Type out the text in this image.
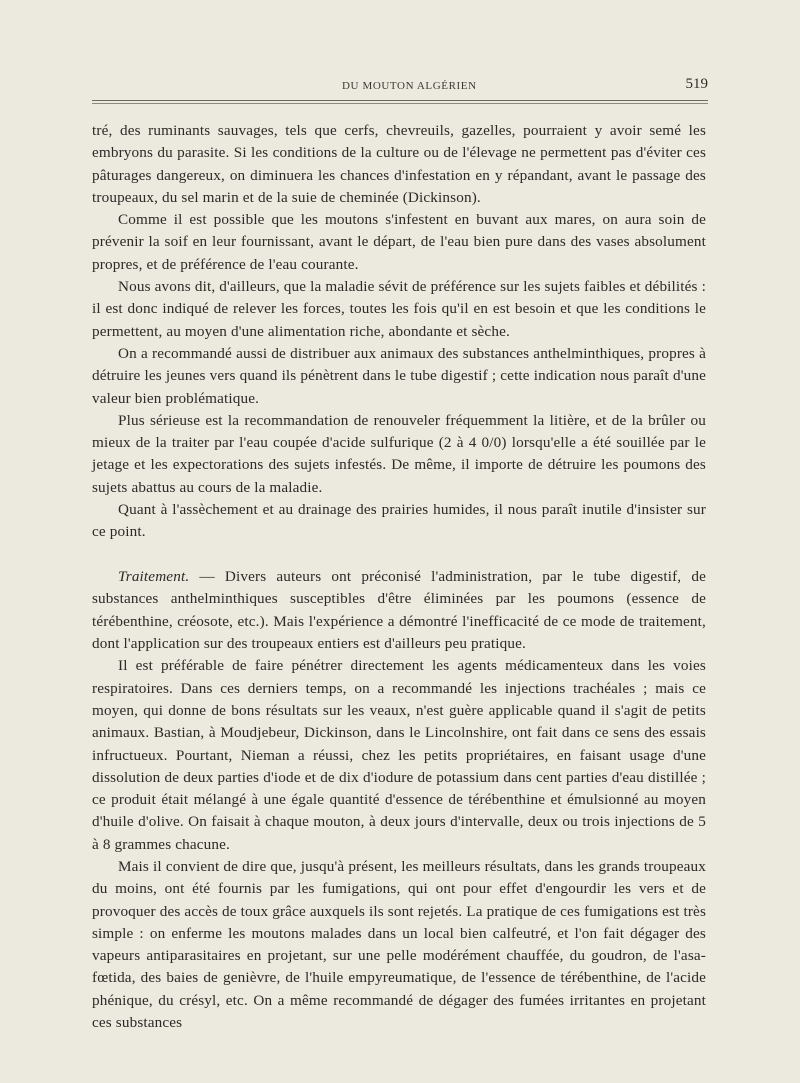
DU MOUTON ALGÉRIEN	519

tré, des ruminants sauvages, tels que cerfs, chevreuils, gazelles, pourraient y avoir semé les embryons du parasite. Si les conditions de la culture ou de l'élevage ne permettent pas d'éviter ces pâturages dangereux, on diminuera les chances d'infestation en y répandant, avant le passage des troupeaux, du sel marin et de la suie de cheminée (Dickinson).

Comme il est possible que les moutons s'infestent en buvant aux mares, on aura soin de prévenir la soif en leur fournissant, avant le départ, de l'eau bien pure dans des vases absolument propres, et de préférence de l'eau courante.

Nous avons dit, d'ailleurs, que la maladie sévit de préférence sur les sujets faibles et débilités : il est donc indiqué de relever les forces, toutes les fois qu'il en est besoin et que les conditions le permettent, au moyen d'une alimentation riche, abondante et sèche.

On a recommandé aussi de distribuer aux animaux des substances anthelminthiques, propres à détruire les jeunes vers quand ils pénètrent dans le tube digestif ; cette indication nous paraît d'une valeur bien problématique.

Plus sérieuse est la recommandation de renouveler fréquemment la litière, et de la brûler ou mieux de la traiter par l'eau coupée d'acide sulfurique (2 à 4 0/0) lorsqu'elle a été souillée par le jetage et les expectorations des sujets infestés. De même, il importe de détruire les poumons des sujets abattus au cours de la maladie.

Quant à l'assèchement et au drainage des prairies humides, il nous paraît inutile d'insister sur ce point.

Traitement. — Divers auteurs ont préconisé l'administration, par le tube digestif, de substances anthelminthiques susceptibles d'être éliminées par les poumons (essence de térébenthine, créosote, etc.). Mais l'expérience a démontré l'inefficacité de ce mode de traitement, dont l'application sur des troupeaux entiers est d'ailleurs peu pratique.

Il est préférable de faire pénétrer directement les agents médicamenteux dans les voies respiratoires. Dans ces derniers temps, on a recommandé les injections trachéales ; mais ce moyen, qui donne de bons résultats sur les veaux, n'est guère applicable quand il s'agit de petits animaux. Bastian, à Moudjebeur, Dickinson, dans le Lincolnshire, ont fait dans ce sens des essais infructueux. Pourtant, Nieman a réussi, chez les petits propriétaires, en faisant usage d'une dissolution de deux parties d'iode et de dix d'iodure de potassium dans cent parties d'eau distillée ; ce produit était mélangé à une égale quantité d'essence de térébenthine et émulsionné au moyen d'huile d'olive. On faisait à chaque mouton, à deux jours d'intervalle, deux ou trois injections de 5 à 8 grammes chacune.

Mais il convient de dire que, jusqu'à présent, les meilleurs résultats, dans les grands troupeaux du moins, ont été fournis par les fumigations, qui ont pour effet d'engourdir les vers et de provoquer des accès de toux grâce auxquels ils sont rejetés. La pratique de ces fumigations est très simple : on enferme les moutons malades dans un local bien calfeutré, et l'on fait dégager des vapeurs antiparasitaires en projetant, sur une pelle modérément chauffée, du goudron, de l'asa-fœtida, des baies de genièvre, de l'huile empyreumatique, de l'essence de térébenthine, de l'acide phénique, du crésyl, etc. On a même recommandé de dégager des fumées irritantes en projetant ces substances
